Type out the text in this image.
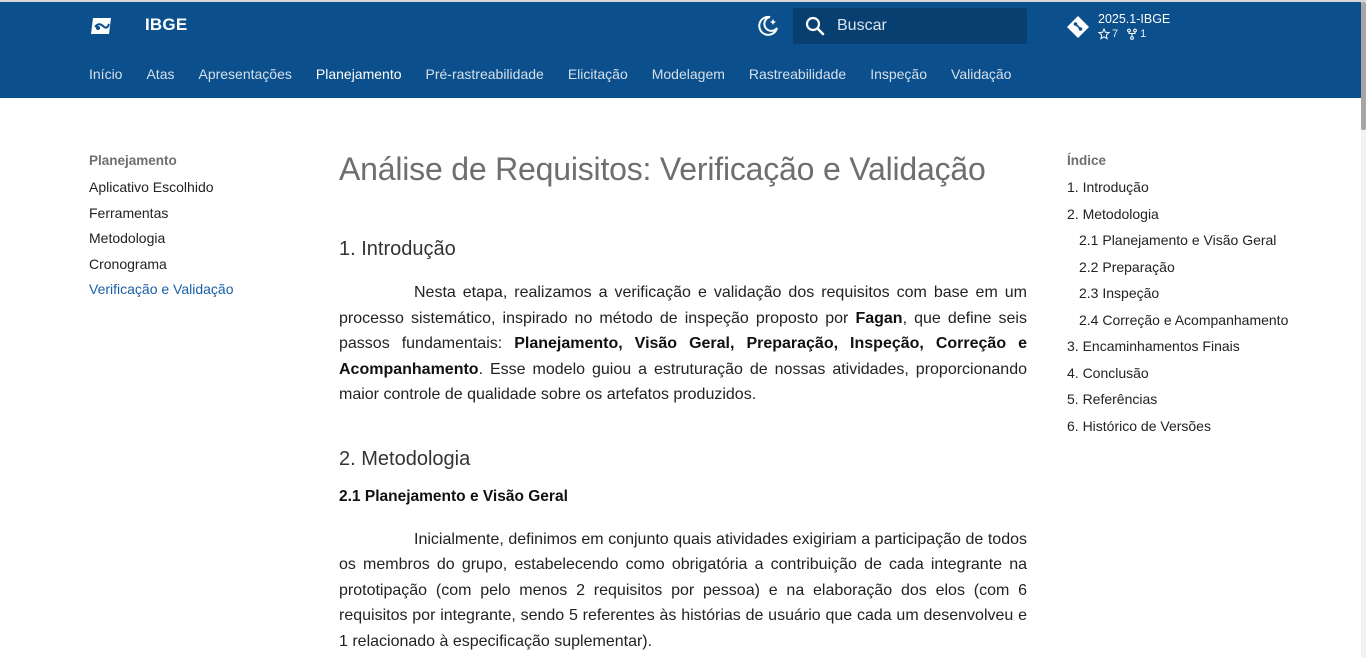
IBGE
Buscar	2025.1-IBGE
7 1
Início Atas Apresentações Planejamento Pré-rastreabilidade Elicitação Modelagem Rastreabilidade Inspeção Validação
Planejamento
Aplicativo Escolhido
Ferramentas
Metodologia
Cronograma
Verificação e Validação
Análise de Requisitos: Verificação e Validação
1. Introdução

Nesta etapa, realizamos a verificação e validação dos requisitos com base em um processo sistemático, inspirado no método de inspeção proposto por Fagan, que define seis passos fundamentais: Planejamento, Visão Geral, Preparação, Inspeção, Correção e Acompanhamento. Esse modelo guiou a estruturação de nossas atividades, proporcionando maior controle de qualidade sobre os artefatos produzidos.

2. Metodologia
2.1 Planejamento e Visão Geral

Inicialmente, definimos em conjunto quais atividades exigiriam a participação de todos os membros do grupo, estabelecendo como obrigatória a contribuição de cada integrante na prototipação (com pelo menos 2 requisitos por pessoa) e na elaboração dos elos (com 6 requisitos por integrante, sendo 5 referentes às histórias de usuário que cada um desenvolveu e 1 relacionado à especificação suplementar).

Índice
1. Introdução
2. Metodologia
2.1 Planejamento e Visão Geral
2.2 Preparação
2.3 Inspeção
2.4 Correção e Acompanhamento
3. Encaminhamentos Finais
4. Conclusão
5. Referências
6. Histórico de Versões
